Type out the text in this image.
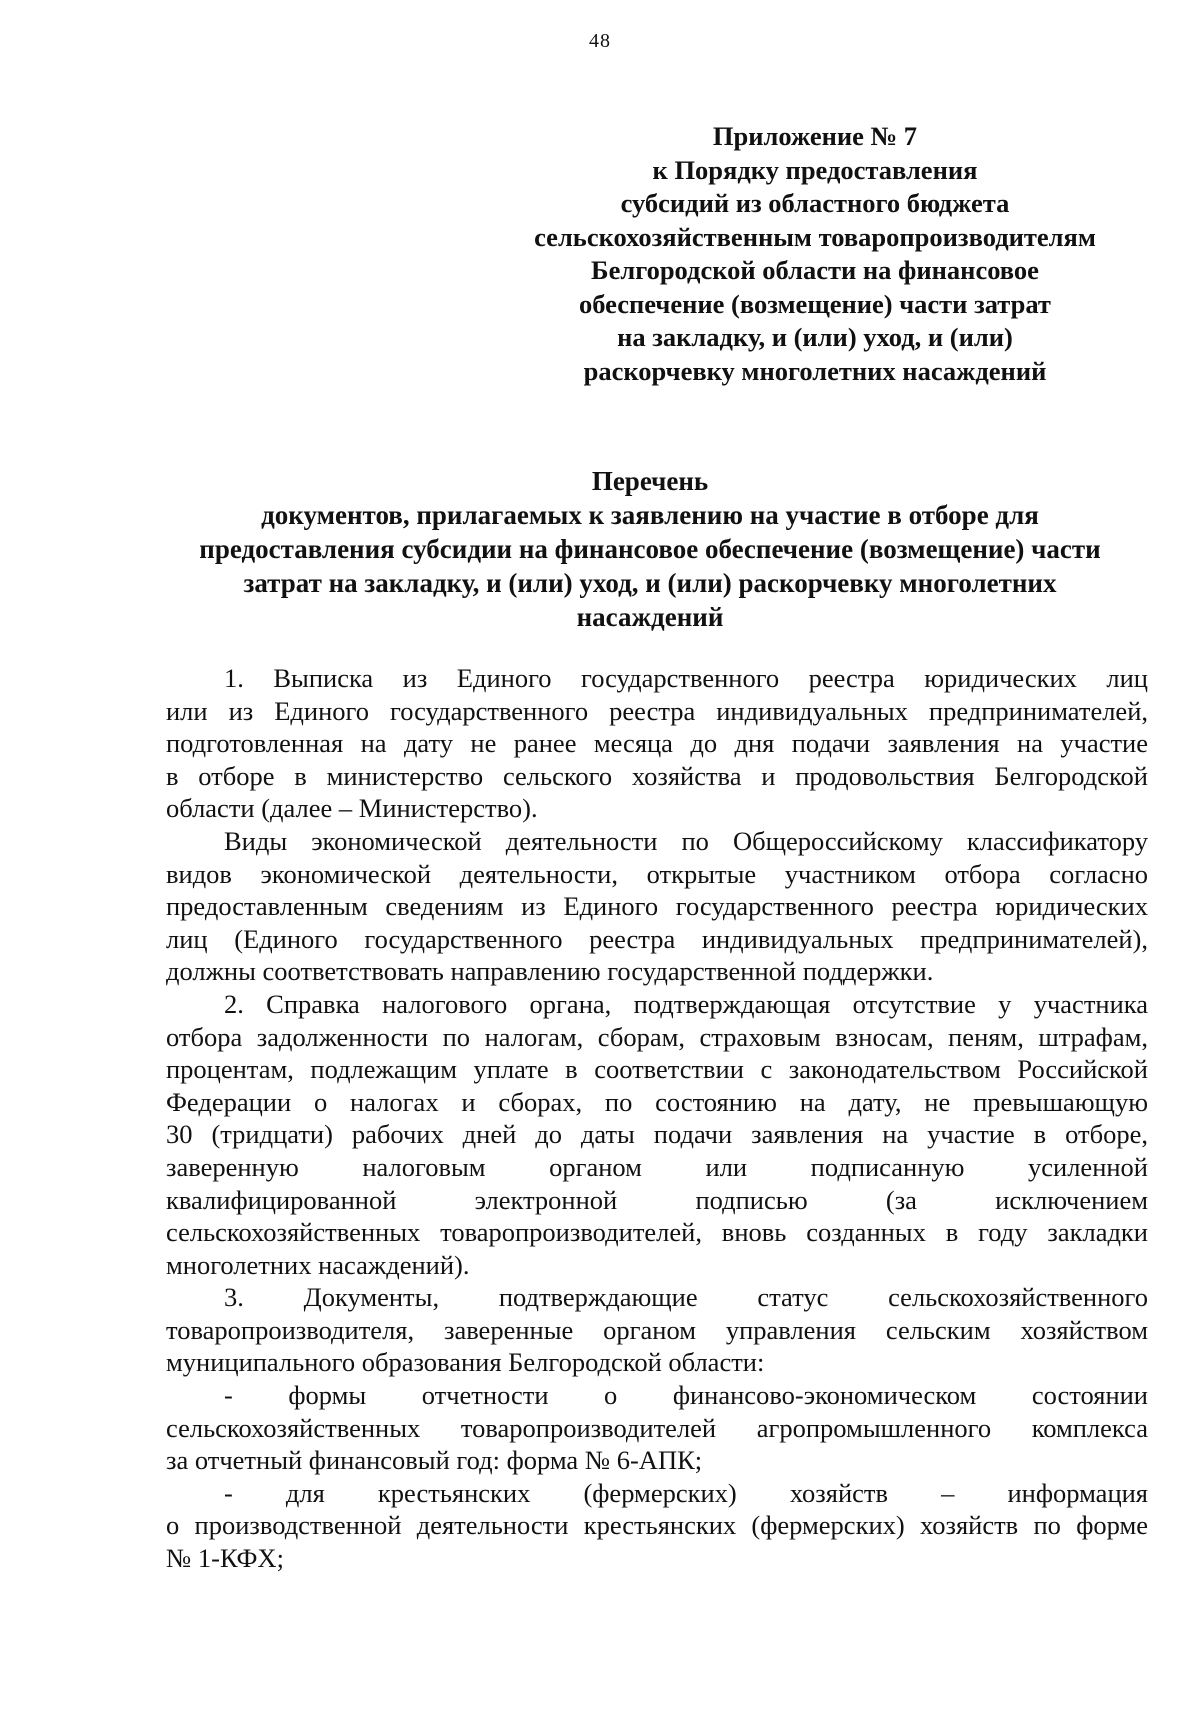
48
Приложение № 7
к Порядку предоставления
субсидий из областного бюджета
сельскохозяйственным товаропроизводителям
Белгородской области на финансовое
обеспечение (возмещение) части затрат
на закладку, и (или) уход, и (или)
раскорчевку многолетних насаждений
Перечень
документов, прилагаемых к заявлению на участие в отборе для
предоставления субсидии на финансовое обеспечение (возмещение) части
затрат на закладку, и (или) уход, и (или) раскорчевку многолетних
насаждений
1. Выписка из Единого государственного реестра юридических лиц
или из Единого государственного реестра индивидуальных предпринимателей,
подготовленная на дату не ранее месяца до дня подачи заявления на участие
в отборе в министерство сельского хозяйства и продовольствия Белгородской
области (далее – Министерство).
Виды экономической деятельности по Общероссийскому классификатору
видов экономической деятельности, открытые участником отбора согласно
предоставленным сведениям из Единого государственного реестра юридических
лиц (Единого государственного реестра индивидуальных предпринимателей),
должны соответствовать направлению государственной поддержки.
2. Справка налогового органа, подтверждающая отсутствие у участника
отбора задолженности по налогам, сборам, страховым взносам, пеням, штрафам,
процентам, подлежащим уплате в соответствии с законодательством Российской
Федерации о налогах и сборах, по состоянию на дату, не превышающую
30 (тридцати) рабочих дней до даты подачи заявления на участие в отборе,
заверенную налоговым органом или подписанную усиленной
квалифицированной электронной подписью (за исключением
сельскохозяйственных товаропроизводителей, вновь созданных в году закладки
многолетних насаждений).
3. Документы, подтверждающие статус сельскохозяйственного
товаропроизводителя, заверенные органом управления сельским хозяйством
муниципального образования Белгородской области:
- формы отчетности о финансово-экономическом состоянии
сельскохозяйственных товаропроизводителей агропромышленного комплекса
за отчетный финансовый год: форма № 6-АПК;
- для крестьянских (фермерских) хозяйств – информация
о производственной деятельности крестьянских (фермерских) хозяйств по форме
№ 1-КФХ;
